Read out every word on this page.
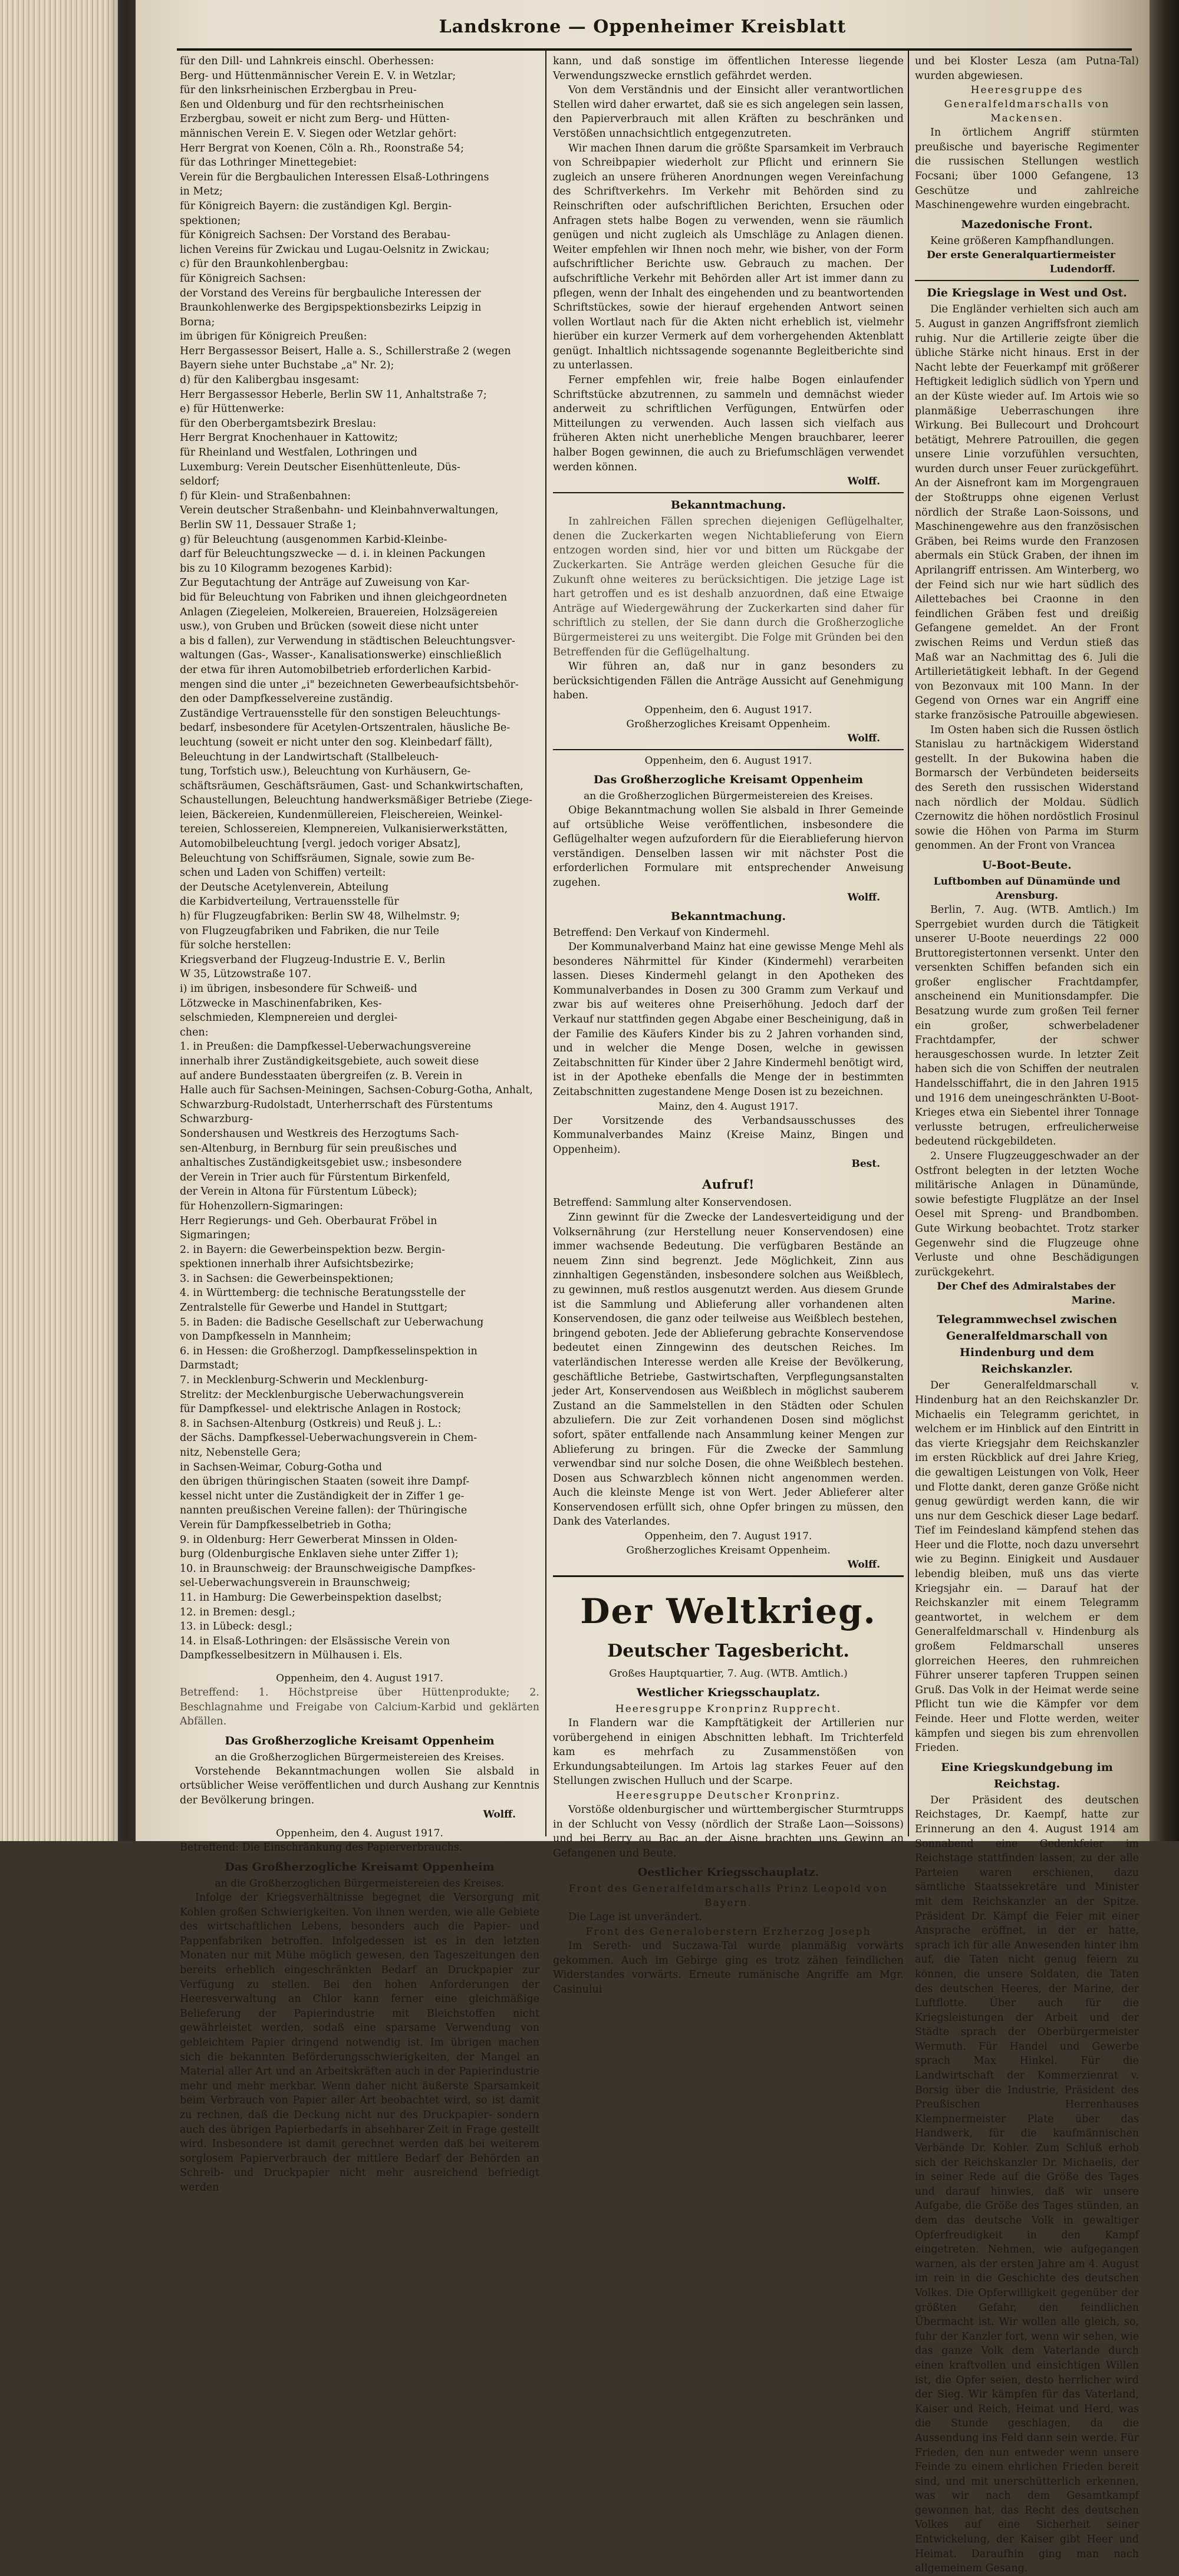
Landskrone — Oppenheimer Kreisblatt

für den Dill- und Lahnkreis einschl. Oberhessen:

Berg- und Hüttenmännischer Verein E. V. in Wetzlar;

für den linksrheinischen Erzbergbau in Preu-

ßen und Oldenburg und für den rechtsrheinischen

Erzbergbau, soweit er nicht zum Berg- und Hütten-

männischen Verein E. V. Siegen oder Wetzlar gehört:

Herr Bergrat von Koenen, Cöln a. Rh., Roonstraße 54;

für das Lothringer Minettegebiet:

Verein für die Bergbaulichen Interessen Elsaß-Lothringens

in Metz;

für Königreich Bayern: die zuständigen Kgl. Bergin-

spektionen;

für Königreich Sachsen: Der Vorstand des Berabau-

lichen Vereins für Zwickau und Lugau-Oelsnitz in Zwickau;

c) für den Braunkohlenbergbau:

für Königreich Sachsen:

der Vorstand des Vereins für bergbauliche Interessen der

Braunkohlenwerke des Bergipspektionsbezirks Leipzig in

Borna;

im übrigen für Königreich Preußen:

Herr Bergassessor Beisert, Halle a. S., Schillerstraße 2 (wegen

Bayern siehe unter Buchstabe „a" Nr. 2);

d) für den Kalibergbau insgesamt:

Herr Bergassessor Heberle, Berlin SW 11, Anhaltstraße 7;

e) für Hüttenwerke:

für den Oberbergamtsbezirk Breslau:

Herr Bergrat Knochenhauer in Kattowitz;

für Rheinland und Westfalen, Lothringen und

Luxemburg: Verein Deutscher Eisenhüttenleute, Düs-

seldorf;

f) für Klein- und Straßenbahnen:

Verein deutscher Straßenbahn- und Kleinbahnverwaltungen,

Berlin SW 11, Dessauer Straße 1;

g) für Beleuchtung (ausgenommen Karbid-Kleinbe-

darf für Beleuchtungszwecke — d. i. in kleinen Packungen

bis zu 10 Kilogramm bezogenes Karbid):

Zur Begutachtung der Anträge auf Zuweisung von Kar-

bid für Beleuchtung von Fabriken und ihnen gleichgeordneten

Anlagen (Ziegeleien, Molkereien, Brauereien, Holzsägereien

usw.), von Gruben und Brücken (soweit diese nicht unter

a bis d fallen), zur Verwendung in städtischen Beleuchtungsver-

waltungen (Gas-, Wasser-, Kanalisationswerke) einschließlich

der etwa für ihren Automobilbetrieb erforderlichen Karbid-

mengen sind die unter „i" bezeichneten Gewerbeaufsichtsbehör-

den oder Dampfkesselvereine zuständig.

Zuständige Vertrauensstelle für den sonstigen Beleuchtungs-

bedarf, insbesondere für Acetylen-Ortszentralen, häusliche Be-

leuchtung (soweit er nicht unter den sog. Kleinbedarf fällt),

Beleuchtung in der Landwirtschaft (Stallbeleuch-

tung, Torfstich usw.), Beleuchtung von Kurhäusern, Ge-

schäftsräumen, Geschäftsräumen, Gast- und Schankwirtschaften,

Schaustellungen, Beleuchtung handwerksmäßiger Betriebe (Ziege-

leien, Bäckereien, Kundenmüllereien, Fleischereien, Weinkel-

tereien, Schlossereien, Klempnereien, Vulkanisierwerkstätten,

Automobilbeleuchtung [vergl. jedoch voriger Absatz],

Beleuchtung von Schiffsräumen, Signale, sowie zum Be-

schen und Laden von Schiffen) verteilt:

der Deutsche Acetylenverein, Abteilung

die Karbidverteilung, Vertrauensstelle für

h) für Flugzeugfabriken: Berlin SW 48, Wilhelmstr. 9;

von Flugzeugfabriken und Fabriken, die nur Teile

für solche herstellen:

Kriegsverband der Flugzeug-Industrie E. V., Berlin

W 35, Lützowstraße 107.

i) im übrigen, insbesondere für Schweiß- und

Lötzwecke in Maschinenfabriken, Kes-

selschmieden, Klempnereien und derglei-

chen:

1. in Preußen: die Dampfkessel-Ueberwachungsvereine

innerhalb ihrer Zuständigkeitsgebiete, auch soweit diese

auf andere Bundesstaaten übergreifen (z. B. Verein in

Halle auch für Sachsen-Meiningen, Sachsen-Coburg-Gotha, Anhalt,

Schwarzburg-Rudolstadt, Unterherrschaft des Fürstentums Schwarzburg-

Sondershausen und Westkreis des Herzogtums Sach-

sen-Altenburg, in Bernburg für sein preußisches und

anhaltisches Zuständigkeitsgebiet usw.; insbesondere

der Verein in Trier auch für Fürstentum Birkenfeld,

der Verein in Altona für Fürstentum Lübeck);

für Hohenzollern-Sigmaringen:

Herr Regierungs- und Geh. Oberbaurat Fröbel in

Sigmaringen;

2. in Bayern: die Gewerbeinspektion bezw. Bergin-

spektionen innerhalb ihrer Aufsichtsbezirke;

3. in Sachsen: die Gewerbeinspektionen;

4. in Württemberg: die technische Beratungsstelle der

Zentralstelle für Gewerbe und Handel in Stuttgart;

5. in Baden: die Badische Gesellschaft zur Ueberwachung

von Dampfkesseln in Mannheim;

6. in Hessen: die Großherzogl. Dampfkesselinspektion in

Darmstadt;

7. in Mecklenburg-Schwerin und Mecklenburg-

Strelitz: der Mecklenburgische Ueberwachungsverein

für Dampfkessel- und elektrische Anlagen in Rostock;

8. in Sachsen-Altenburg (Ostkreis) und Reuß j. L.:

der Sächs. Dampfkessel-Ueberwachungsverein in Chem-

nitz, Nebenstelle Gera;

in Sachsen-Weimar, Coburg-Gotha und

den übrigen thüringischen Staaten (soweit ihre Dampf-

kessel nicht unter die Zuständigkeit der in Ziffer 1 ge-

nannten preußischen Vereine fallen): der Thüringische

Verein für Dampfkesselbetrieb in Gotha;

9. in Oldenburg: Herr Gewerberat Minssen in Olden-

burg (Oldenburgische Enklaven siehe unter Ziffer 1);

10. in Braunschweig: der Braunschweigische Dampfkes-

sel-Ueberwachungsverein in Braunschweig;

11. in Hamburg: Die Gewerbeinspektion daselbst;

12. in Bremen: desgl.;

13. in Lübeck: desgl.;

14. in Elsaß-Lothringen: der Elsässische Verein von

Dampfkesselbesitzern in Mülhausen i. Els.

Oppenheim, den 4. August 1917.

Betreffend: 1. Höchstpreise über Hüttenprodukte; 2. Beschlagnahme und Freigabe von Calcium-Karbid und geklärten Abfällen.

Das Großherzogliche Kreisamt Oppenheim
an die Großherzoglichen Bürgermeistereien des Kreises.

Vorstehende Bekanntmachungen wollen Sie alsbald in ortsüblicher Weise veröffentlichen und durch Aushang zur Kenntnis der Bevölkerung bringen.

Wolff.
Oppenheim, den 4. August 1917.

Betreffend: Die Einschränkung des Papierverbrauchs.

Das Großherzogliche Kreisamt Oppenheim
an die Großherzoglichen Bürgermeistereien des Kreises.

Infolge der Kriegsverhältnisse begegnet die Versorgung mit Kohlen großen Schwierigkeiten. Von ihnen werden, wie alle Gebiete des wirtschaftlichen Lebens, besonders auch die Papier- und Pappenfabriken betroffen. Infolgedessen ist es in den letzten Monaten nur mit Mühe möglich gewesen, den Tageszeitungen den bereits erheblich eingeschränkten Bedarf an Druckpapier zur Verfügung zu stellen. Bei den hohen Anforderungen der Heeresverwaltung an Chlor kann ferner eine gleichmäßige Belieferung der Papierindustrie mit Bleichstoffen nicht gewährleistet werden, sodaß eine sparsame Verwendung von gebleichtem Papier dringend notwendig ist. Im übrigen machen sich die bekannten Beförderungsschwierigkeiten, der Mangel an Material aller Art und an Arbeitskräften auch in der Papierindustrie mehr und mehr merkbar. Wenn daher nicht äußerste Sparsamkeit beim Verbrauch von Papier aller Art beobachtet wird, so ist damit zu rechnen, daß die Deckung nicht nur des Druckpapier- sondern auch des übrigen Papierbedarfs in absehbarer Zeit in Frage gestellt wird. Insbesondere ist damit gerechnet werden daß bei weiterem sorglosem Papierverbrauch der mittlere Bedarf der Behörden an Schreib- und Druckpapier nicht mehr ausreichend befriedigt werden

kann, und daß sonstige im öffentlichen Interesse liegende Verwendungszwecke ernstlich gefährdet werden.

Von dem Verständnis und der Einsicht aller verantwortlichen Stellen wird daher erwartet, daß sie es sich angelegen sein lassen, den Papierverbrauch mit allen Kräften zu beschränken und Verstößen unnachsichtlich entgegenzutreten.

Wir machen Ihnen darum die größte Sparsamkeit im Verbrauch von Schreibpapier wiederholt zur Pflicht und erinnern Sie zugleich an unsere früheren Anordnungen wegen Vereinfachung des Schriftverkehrs. Im Verkehr mit Behörden sind zu Reinschriften oder aufschriftlichen Berichten, Ersuchen oder Anfragen stets halbe Bogen zu verwenden, wenn sie räumlich genügen und nicht zugleich als Umschläge zu Anlagen dienen. Weiter empfehlen wir Ihnen noch mehr, wie bisher, von der Form aufschriftlicher Berichte usw. Gebrauch zu machen. Der aufschriftliche Verkehr mit Behörden aller Art ist immer dann zu pflegen, wenn der Inhalt des eingehenden und zu beantwortenden Schriftstückes, sowie der hierauf ergehenden Antwort seinen vollen Wortlaut nach für die Akten nicht erheblich ist, vielmehr hierüber ein kurzer Vermerk auf dem vorhergehenden Aktenblatt genügt. Inhaltlich nichtssagende sogenannte Begleitberichte sind zu unterlassen.

Ferner empfehlen wir, freie halbe Bogen einlaufender Schriftstücke abzutrennen, zu sammeln und demnächst wieder anderweit zu schriftlichen Verfügungen, Entwürfen oder Mitteilungen zu verwenden. Auch lassen sich vielfach aus früheren Akten nicht unerhebliche Mengen brauchbarer, leerer halber Bogen gewinnen, die auch zu Briefumschlägen verwendet werden können.

Wolff.
Bekanntmachung.

In zahlreichen Fällen sprechen diejenigen Geflügelhalter, denen die Zuckerkarten wegen Nichtablieferung von Eiern entzogen worden sind, hier vor und bitten um Rückgabe der Zuckerkarten. Sie Anträge werden gleichen Gesuche für die Zukunft ohne weiteres zu berücksichtigen. Die jetzige Lage ist hart getroffen und es ist deshalb anzuordnen, daß eine Etwaige Anträge auf Wiedergewährung der Zuckerkarten sind daher für schriftlich zu stellen, der Sie dann durch die Großherzogliche Bürgermeisterei zu uns weitergibt. Die Folge mit Gründen bei den Betreffenden für die Geflügelhaltung.

Wir führen an, daß nur in ganz besonders zu berücksichtigenden Fällen die Anträge Aussicht auf Genehmigung haben.

Oppenheim, den 6. August 1917.
Großherzogliches Kreisamt Oppenheim.
Wolff.
Oppenheim, den 6. August 1917.
Das Großherzogliche Kreisamt Oppenheim
an die Großherzoglichen Bürgermeistereien des Kreises.

Obige Bekanntmachung wollen Sie alsbald in Ihrer Gemeinde auf ortsübliche Weise veröffentlichen, insbesondere die Geflügelhalter wegen aufzufordern für die Eierablieferung hiervon verständigen. Denselben lassen wir mit nächster Post die erforderlichen Formulare mit entsprechender Anweisung zugehen.

Wolff.
Bekanntmachung.

Betreffend: Den Verkauf von Kindermehl.

Der Kommunalverband Mainz hat eine gewisse Menge Mehl als besonderes Nährmittel für Kinder (Kindermehl) verarbeiten lassen. Dieses Kindermehl gelangt in den Apotheken des Kommunalverbandes in Dosen zu 300 Gramm zum Verkauf und zwar bis auf weiteres ohne Preiserhöhung. Jedoch darf der Verkauf nur stattfinden gegen Abgabe einer Bescheinigung, daß in der Familie des Käufers Kinder bis zu 2 Jahren vorhanden sind, und in welcher die Menge Dosen, welche in gewissen Zeitabschnitten für Kinder über 2 Jahre Kindermehl benötigt wird, ist in der Apotheke ebenfalls die Menge der in bestimmten Zeitabschnitten zugestandene Menge Dosen ist zu bezeichnen.

Mainz, den 4. August 1917.

Der Vorsitzende des Verbandsausschusses des Kommunalverbandes Mainz (Kreise Mainz, Bingen und Oppenheim).

Best.
Aufruf!

Betreffend: Sammlung alter Konservendosen.

Zinn gewinnt für die Zwecke der Landesverteidigung und der Volksernährung (zur Herstellung neuer Konservendosen) eine immer wachsende Bedeutung. Die verfügbaren Bestände an neuem Zinn sind begrenzt. Jede Möglichkeit, Zinn aus zinnhaltigen Gegenständen, insbesondere solchen aus Weißblech, zu gewinnen, muß restlos ausgenutzt werden. Aus diesem Grunde ist die Sammlung und Ablieferung aller vorhandenen alten Konservendosen, die ganz oder teilweise aus Weißblech bestehen, bringend geboten. Jede der Ablieferung gebrachte Konservendose bedeutet einen Zinngewinn des deutschen Reiches. Im vaterländischen Interesse werden alle Kreise der Bevölkerung, geschäftliche Betriebe, Gastwirtschaften, Verpflegungsanstalten jeder Art, Konservendosen aus Weißblech in möglichst sauberem Zustand an die Sammelstellen in den Städten oder Schulen abzuliefern. Die zur Zeit vorhandenen Dosen sind möglichst sofort, später entfallende nach Ansammlung keiner Mengen zur Ablieferung zu bringen. Für die Zwecke der Sammlung verwendbar sind nur solche Dosen, die ohne Weißblech bestehen. Dosen aus Schwarzblech können nicht angenommen werden. Auch die kleinste Menge ist von Wert. Jeder Ablieferer alter Konservendosen erfüllt sich, ohne Opfer bringen zu müssen, den Dank des Vaterlandes.

Oppenheim, den 7. August 1917.
Großherzogliches Kreisamt Oppenheim.
Wolff.
Der Weltkrieg.
Deutscher Tagesbericht.
Großes Hauptquartier, 7. Aug. (WTB. Amtlich.)
Westlicher Kriegsschauplatz.
Heeresgruppe Kronprinz Rupprecht.

In Flandern war die Kampftätigkeit der Artillerien nur vorübergehend in einigen Abschnitten lebhaft. Im Trichterfeld kam es mehrfach zu Zusammenstößen von Erkundungsabteilungen. Im Artois lag starkes Feuer auf den Stellungen zwischen Hulluch und der Scarpe.

Heeresgruppe Deutscher Kronprinz.

Vorstöße oldenburgischer und württembergischer Sturmtrupps in der Schlucht von Vessy (nördlich der Straße Laon—Soissons) und bei Berry au Bac an der Aisne brachten uns Gewinn an Gefangenen und Beute.

Oestlicher Kriegsschauplatz.
Front des Generalfeldmarschalls Prinz Leopold von Bayern.

Die Lage ist unverändert.

Front des Generaloberstern Erzherzog Joseph

Im Sereth- und Suczawa-Tal wurde planmäßig vorwärts gekommen. Auch im Gebirge ging es trotz zähen feindlichen Widerstandes vorwärts. Erneute rumänische Angriffe am Mgr. Casinului

und bei Kloster Lesza (am Putna-Tal) wurden abgewiesen.

Heeresgruppe des Generalfeldmarschalls von Mackensen.

In örtlichem Angriff stürmten preußische und bayerische Regimenter die russischen Stellungen westlich Focsani; über 1000 Gefangene, 13 Geschütze und zahlreiche Maschinengewehre wurden eingebracht.

Mazedonische Front.

Keine größeren Kampfhandlungen.

Der erste Generalquartiermeister Ludendorff.
Die Kriegslage in West und Ost.

Die Engländer verhielten sich auch am 5. August in ganzen Angriffsfront ziemlich ruhig. Nur die Artillerie zeigte über die übliche Stärke nicht hinaus. Erst in der Nacht lebte der Feuerkampf mit größerer Heftigkeit lediglich südlich von Ypern und an der Küste wieder auf. Im Artois wie so planmäßige Ueberraschungen ihre Wirkung. Bei Bullecourt und Drohcourt betätigt, Mehrere Patrouillen, die gegen unsere Linie vorzufühlen versuchten, wurden durch unser Feuer zurückgeführt. An der Aisnefront kam im Morgengrauen der Stoßtrupps ohne eigenen Verlust nördlich der Straße Laon-Soissons, und Maschinengewehre aus den französischen Gräben, bei Reims wurde den Franzosen abermals ein Stück Graben, der ihnen im Aprilangriff entrissen. Am Winterberg, wo der Feind sich nur wie hart südlich des Ailettebaches bei Craonne in den feindlichen Gräben fest und dreißig Gefangene gemeldet. An der Front zwischen Reims und Verdun stieß das Maß war an Nachmittag des 6. Juli die Artillerietätigkeit lebhaft. In der Gegend von Bezonvaux mit 100 Mann. In der Gegend von Ornes war ein Angriff eine starke französische Patrouille abgewiesen.

Im Osten haben sich die Russen östlich Stanislau zu hartnäckigem Widerstand gestellt. In der Bukowina haben die Bormarsch der Verbündeten beiderseits des Sereth den russischen Widerstand nach nördlich der Moldau. Südlich Czernowitz die höhen nordöstlich Frosinul sowie die Höhen von Parma im Sturm genommen. An der Front von Vrancea

U-Boot-Beute.
Luftbomben auf Dünamünde und Arensburg.

Berlin, 7. Aug. (WTB. Amtlich.) Im Sperrgebiet wurden durch die Tätigkeit unserer U-Boote neuerdings 22 000 Bruttoregistertonnen versenkt. Unter den versenkten Schiffen befanden sich ein großer englischer Frachtdampfer, anscheinend ein Munitionsdampfer. Die Besatzung wurde zum großen Teil ferner ein großer, schwerbeladener Frachtdampfer, der schwer herausgeschossen wurde. In letzter Zeit haben sich die von Schiffen der neutralen Handelsschiffahrt, die in den Jahren 1915 und 1916 dem uneingeschränkten U-Boot-Krieges etwa ein Siebentel ihrer Tonnage verlusste betrugen, erfreulicherweise bedeutend rückgebildeten.

2. Unsere Flugzeuggeschwader an der Ostfront belegten in der letzten Woche militärische Anlagen in Dünamünde, sowie befestigte Flugplätze an der Insel Oesel mit Spreng- und Brandbomben. Gute Wirkung beobachtet. Trotz starker Gegenwehr sind die Flugzeuge ohne Verluste und ohne Beschädigungen zurückgekehrt.

Der Chef des Admiralstabes der Marine.
Telegrammwechsel zwischen Generalfeldmarschall von Hindenburg und dem Reichskanzler.

Der Generalfeldmarschall v. Hindenburg hat an den Reichskanzler Dr. Michaelis ein Telegramm gerichtet, in welchem er im Hinblick auf den Eintritt in das vierte Kriegsjahr dem Reichskanzler im ersten Rückblick auf drei Jahre Krieg, die gewaltigen Leistungen von Volk, Heer und Flotte dankt, deren ganze Größe nicht genug gewürdigt werden kann, die wir uns nur dem Geschick dieser Lage bedarf. Tief im Feindesland kämpfend stehen das Heer und die Flotte, noch dazu unversehrt wie zu Beginn. Einigkeit und Ausdauer lebendig bleiben, muß uns das vierte Kriegsjahr ein. — Darauf hat der Reichskanzler mit einem Telegramm geantwortet, in welchem er dem Generalfeldmarschall v. Hindenburg als großem Feldmarschall unseres glorreichen Heeres, den ruhmreichen Führer unserer tapferen Truppen seinen Gruß. Das Volk in der Heimat werde seine Pflicht tun wie die Kämpfer vor dem Feinde. Heer und Flotte werden, weiter kämpfen und siegen bis zum ehrenvollen Frieden.

Eine Kriegskundgebung im Reichstag.

Der Präsident des deutschen Reichstages, Dr. Kaempf, hatte zur Erinnerung an den 4. August 1914 am Sonnabend eine Gedenkfeier im Reichstage stattfinden lassen, zu der alle Parteien waren erschienen, dazu sämtliche Staatssekretäre und Minister mit dem Reichskanzler an der Spitze. Präsident Dr. Kämpf die Feier mit einer Ansprache eröffnet, in der er hatte, sprach ich für alle Anwesenden hinter ihm auf, die Taten nicht genug feiern zu können, die unsere Soldaten, die Taten des deutschen Heeres, der Marine, der Luftflotte. Über auch für die Kriegsleistungen der Arbeit und der Städte sprach der Oberbürgermeister Wermuth. Für Handel und Gewerbe sprach Max Hinkel. Für die Landwirtschaft der Kommerzienrat v. Borsig über die Industrie, Präsident des Preußischen Herrenhauses Klempnermeister Plate über das Handwerk, für die kaufmännischen Verbände Dr. Kohler. Zum Schluß erhob sich der Reichskanzler Dr. Michaelis, der in seiner Rede auf die Größe des Tages und darauf hinwies, daß wir unsere Aufgabe, die Größe des Tages stünden, an dem das deutsche Volk in gewaltiger Opferfreudigkeit in den Kampf eingetreten. Nehmen, wie aufgegangen warnen, als der ersten Jahre am 4. August im rein in die Geschichte des deutschen Volkes. Die Opferwilligkeit gegenüber der größten Gefahr, den feindlichen Übermacht ist. Wir wollen alle gleich, so, fuhr der Kanzler fort, wenn wir sehen, wie das ganze Volk dem Vaterlande durch einen kraftvollen und einsichtigen Willen ist, die Opfer seien, desto herrlicher wird der Sieg. Wir kämpfen für das Vaterland, Kaiser und Reich, Heimat und Herd, was die Stunde geschlagen, da die Aussendung ins Feld dann sein werde. Für Frieden, den nun entweder wenn unsere Feinde zu einem ehrlichen Frieden bereit sind, und mit unerschütterlich erkennen, was wir nach dem Gesamtkampf gewonnen hat, das Recht des deutschen Volkes auf eine Sicherheit seiner Entwickelung, der Kaiser gibt Heer und Heimat. Daraufhin ging man nach allgemeinem Gesang.
